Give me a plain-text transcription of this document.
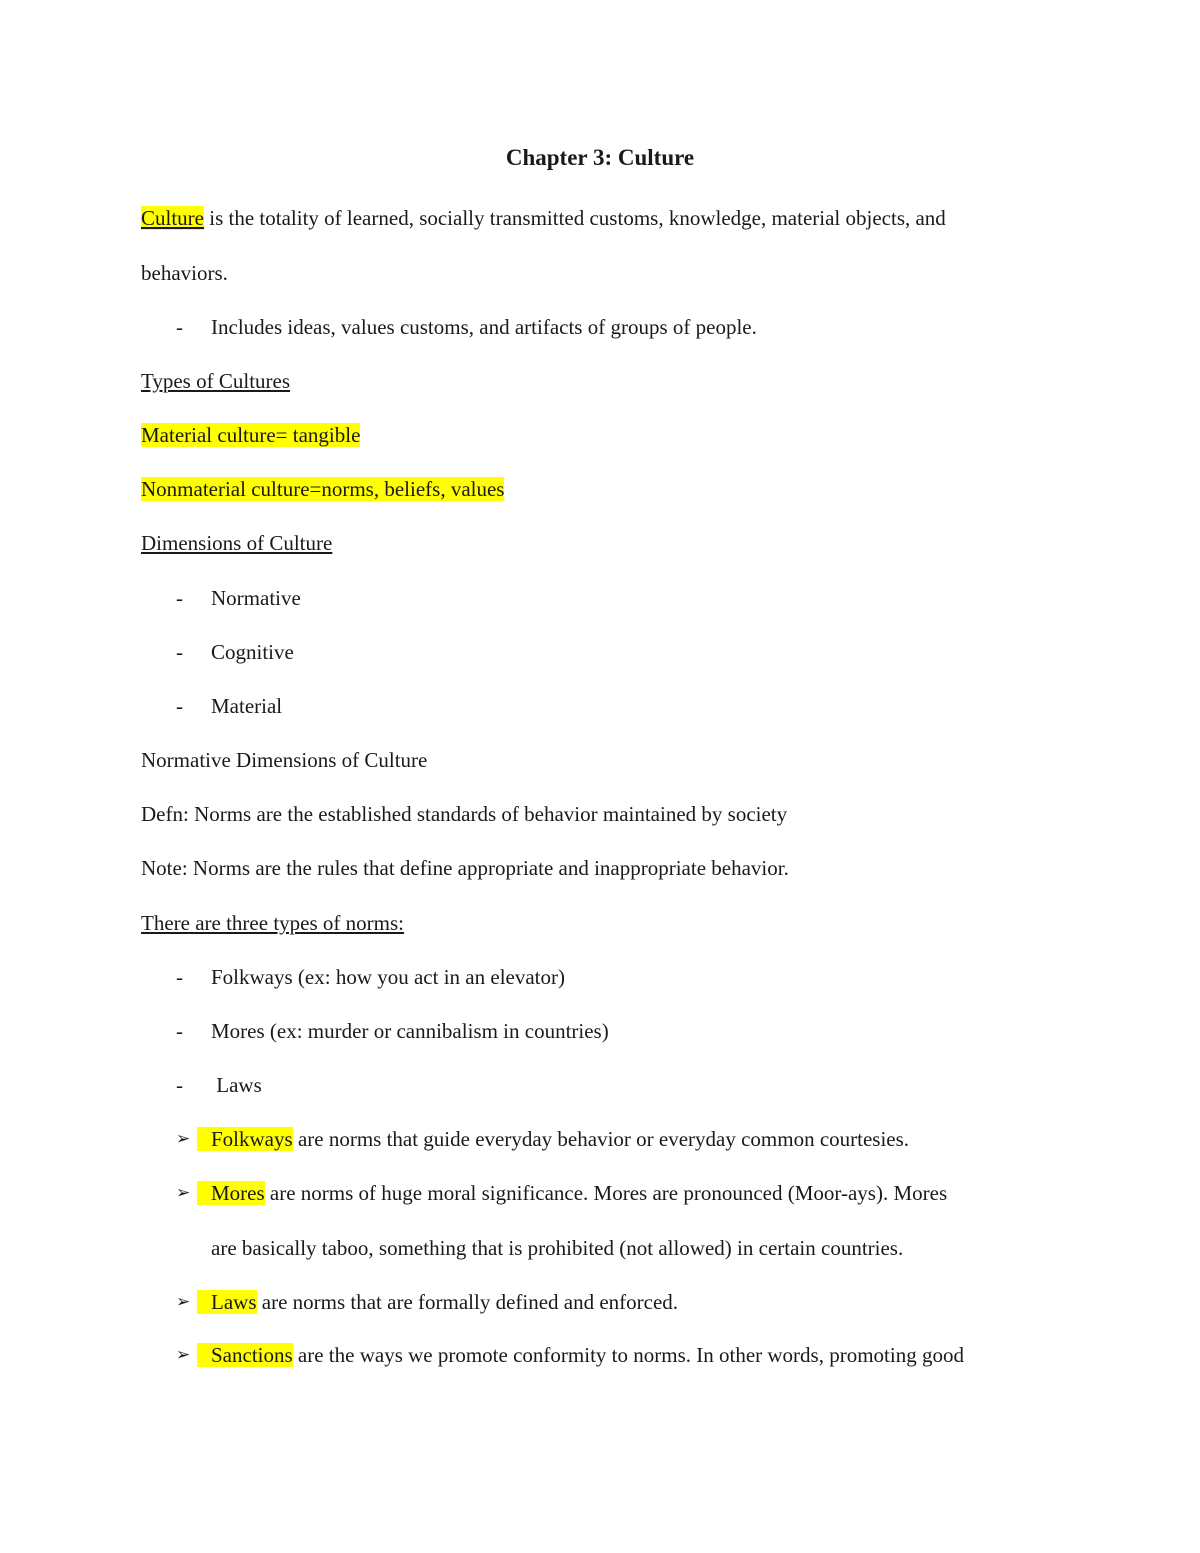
Chapter 3: Culture
Culture is the totality of learned, socially transmitted customs, knowledge, material objects, and
behaviors.
- Includes ideas, values customs, and artifacts of groups of people.
Types of Cultures
Material culture= tangible
Nonmaterial culture=norms, beliefs, values
Dimensions of Culture
- Normative
- Cognitive
- Material
Normative Dimensions of Culture
Defn: Norms are the established standards of behavior maintained by society
Note: Norms are the rules that define appropriate and inappropriate behavior.
There are three types of norms:
- Folkways (ex: how you act in an elevator)
- Mores (ex: murder or cannibalism in countries)
- Laws
➢ Folkways are norms that guide everyday behavior or everyday common courtesies.
➢ Mores are norms of huge moral significance. Mores are pronounced (Moor-ays). Mores
are basically taboo, something that is prohibited (not allowed) in certain countries.
➢ Laws are norms that are formally defined and enforced.
➢ Sanctions are the ways we promote conformity to norms. In other words, promoting good
